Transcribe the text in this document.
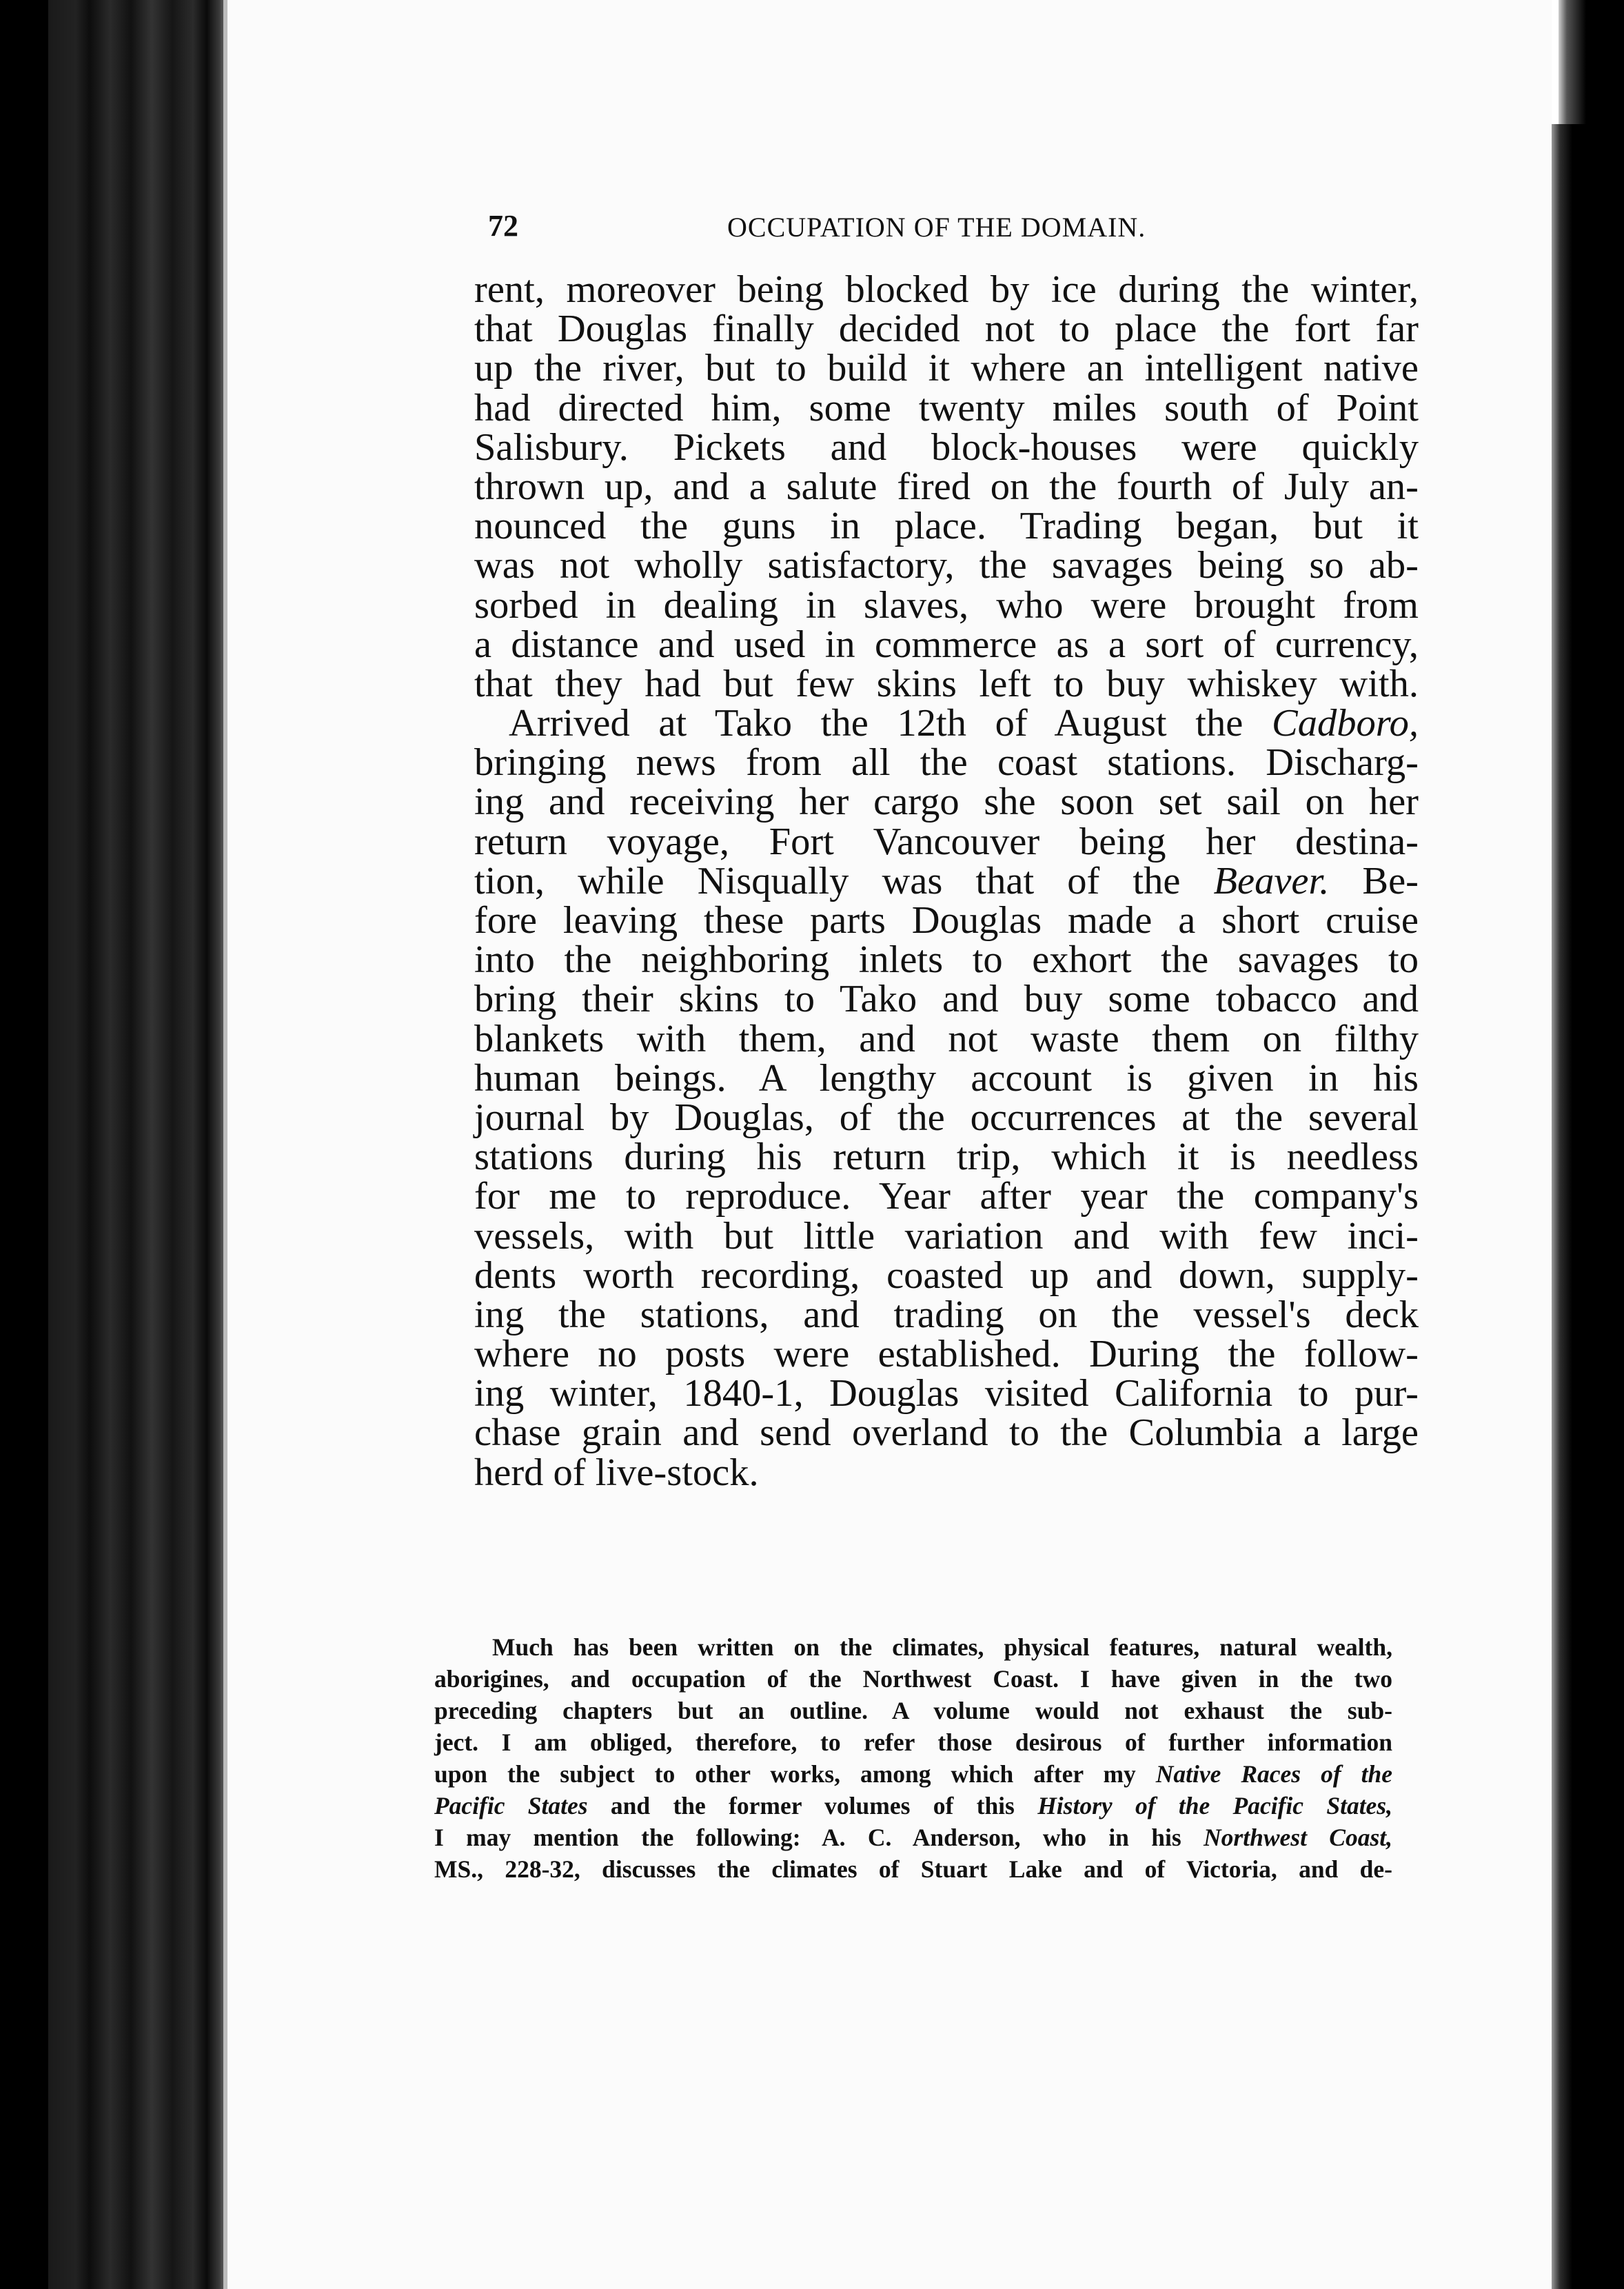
72	OCCUPATION OF THE DOMAIN.
rent, moreover being blocked by ice during the winter,
that Douglas finally decided not to place the fort far
up the river, but to build it where an intelligent native
had directed him, some twenty miles south of Point
Salisbury. Pickets and block-houses were quickly
thrown up, and a salute fired on the fourth of July an-
nounced the guns in place. Trading began, but it
was not wholly satisfactory, the savages being so ab-
sorbed in dealing in slaves, who were brought from
a distance and used in commerce as a sort of currency,
that they had but few skins left to buy whiskey with.
Arrived at Tako the 12th of August the Cadboro,
bringing news from all the coast stations. Discharg-
ing and receiving her cargo she soon set sail on her
return voyage, Fort Vancouver being her destina-
tion, while Nisqually was that of the Beaver. Be-
fore leaving these parts Douglas made a short cruise
into the neighboring inlets to exhort the savages to
bring their skins to Tako and buy some tobacco and
blankets with them, and not waste them on filthy
human beings. A lengthy account is given in his
journal by Douglas, of the occurrences at the several
stations during his return trip, which it is needless
for me to reproduce. Year after year the company's
vessels, with but little variation and with few inci-
dents worth recording, coasted up and down, supply-
ing the stations, and trading on the vessel's deck
where no posts were established. During the follow-
ing winter, 1840-1, Douglas visited California to pur-
chase grain and send overland to the Columbia a large
herd of live-stock.
Much has been written on the climates, physical features, natural wealth,
aborigines, and occupation of the Northwest Coast. I have given in the two
preceding chapters but an outline. A volume would not exhaust the sub-
ject. I am obliged, therefore, to refer those desirous of further information
upon the subject to other works, among which after my Native Races of the
Pacific States and the former volumes of this History of the Pacific States,
I may mention the following: A. C. Anderson, who in his Northwest Coast,
MS., 228-32, discusses the climates of Stuart Lake and of Victoria, and de-
